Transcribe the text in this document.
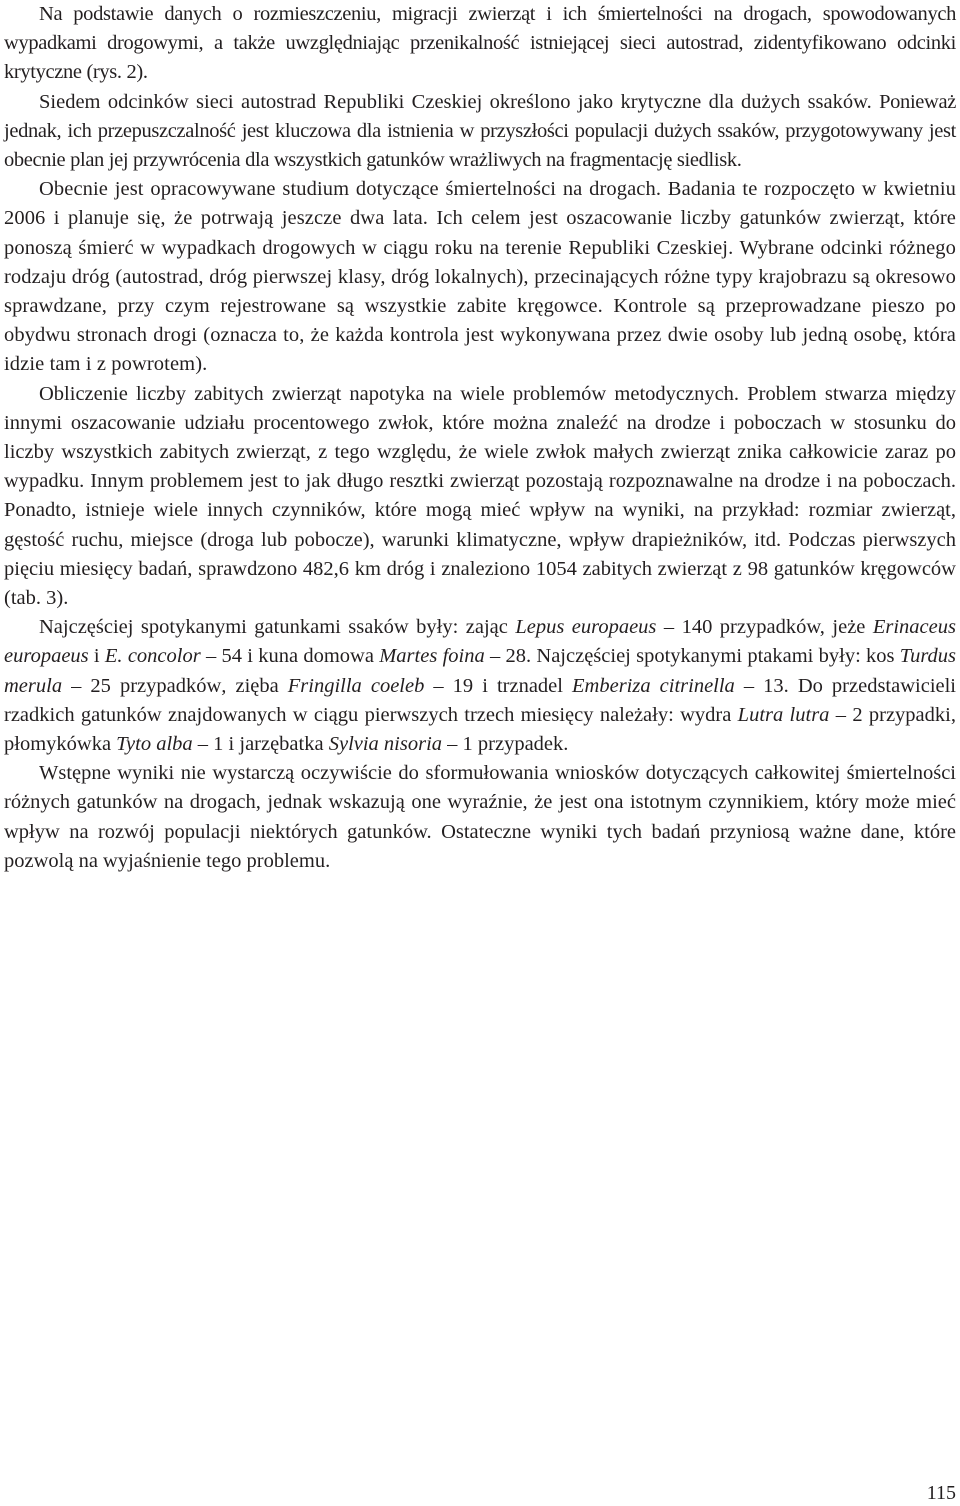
Na podstawie danych o rozmieszczeniu, migracji zwierząt i ich śmiertelności na drogach, spowodowanych wypadkami drogowymi, a także uwzględniając przenikalność istniejącej sieci autostrad, zidentyfikowano odcinki krytyczne (rys. 2).

Siedem odcinków sieci autostrad Republiki Czeskiej określono jako krytyczne dla dużych ssaków. Ponieważ jednak, ich przepuszczalność jest kluczowa dla istnienia w przyszłości populacji dużych ssaków, przygotowywany jest obecnie plan jej przywrócenia dla wszystkich gatunków wrażliwych na fragmentację siedlisk.

Obecnie jest opracowywane studium dotyczące śmiertelności na drogach. Badania te rozpoczęto w kwietniu 2006 i planuje się, że potrwają jeszcze dwa lata. Ich celem jest oszacowanie liczby gatunków zwierząt, które ponoszą śmierć w wypadkach drogowych w ciągu roku na terenie Republiki Czeskiej. Wybrane odcinki różnego rodzaju dróg (autostrad, dróg pierwszej klasy, dróg lokalnych), przecinających różne typy krajobrazu są okresowo sprawdzane, przy czym rejestrowane są wszystkie zabite kręgowce. Kontrole są przeprowadzane pieszo po obydwu stronach drogi (oznacza to, że każda kontrola jest wykonywana przez dwie osoby lub jedną osobę, która idzie tam i z powrotem).

Obliczenie liczby zabitych zwierząt napotyka na wiele problemów metodycznych. Problem stwarza między innymi oszacowanie udziału procentowego zwłok, które można znaleźć na drodze i poboczach w stosunku do liczby wszystkich zabitych zwierząt, z tego względu, że wiele zwłok małych zwierząt znika całkowicie zaraz po wypadku. Innym problemem jest to jak długo resztki zwierząt pozostają rozpoznawalne na drodze i na poboczach. Ponadto, istnieje wiele innych czynników, które mogą mieć wpływ na wyniki, na przykład: rozmiar zwierząt, gęstość ruchu, miejsce (droga lub pobocze), warunki klimatyczne, wpływ drapieżników, itd. Podczas pierwszych pięciu miesięcy badań, sprawdzono 482,6 km dróg i znaleziono 1054 zabitych zwierząt z 98 gatunków kręgowców (tab. 3).

Najczęściej spotykanymi gatunkami ssaków były: zając Lepus europaeus – 140 przypadków, jeże Erinaceus europaeus i E. concolor – 54 i kuna domowa Martes foina – 28. Najczęściej spotykanymi ptakami były: kos Turdus merula – 25 przypadków, zięba Fringilla coeleb – 19 i trznadel Emberiza citrinella – 13. Do przedstawicieli rzadkich gatunków znajdowanych w ciągu pierwszych trzech miesięcy należały: wydra Lutra lutra – 2 przypadki, płomykówka Tyto alba – 1 i jarzębatka Sylvia nisoria – 1 przypadek.

Wstępne wyniki nie wystarczą oczywiście do sformułowania wniosków dotyczących całkowitej śmiertelności różnych gatunków na drogach, jednak wskazują one wyraźnie, że jest ona istotnym czynnikiem, który może mieć wpływ na rozwój populacji niektórych gatunków. Ostateczne wyniki tych badań przyniosą ważne dane, które pozwolą na wyjaśnienie tego problemu.

115
